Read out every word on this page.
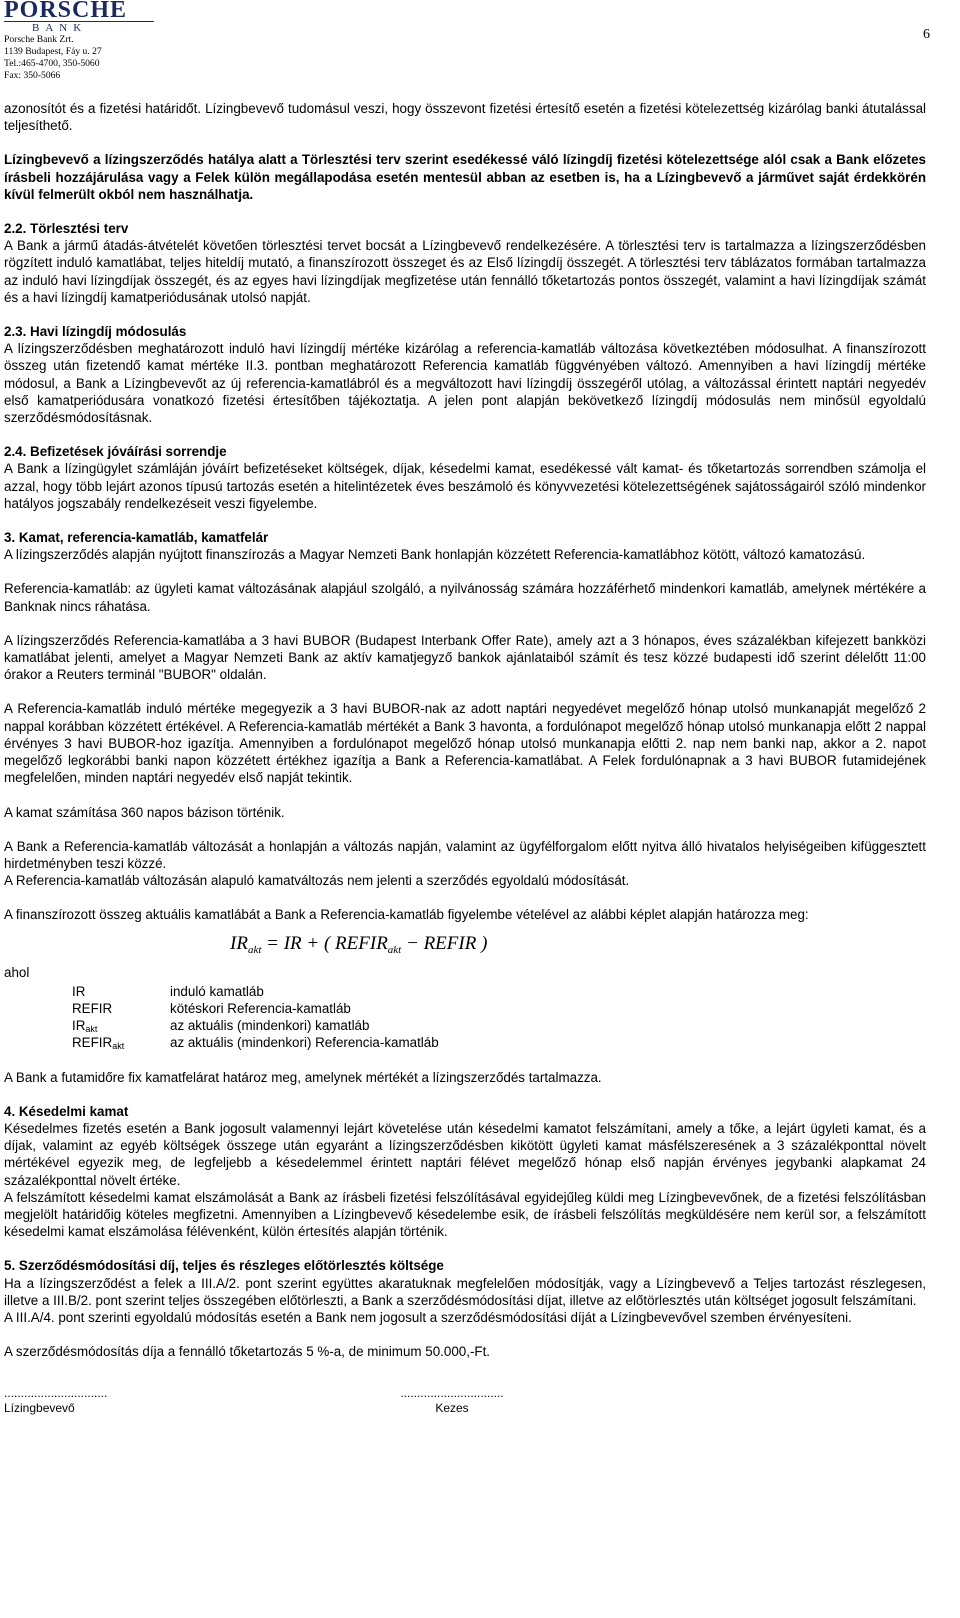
PORSCHE
BANK
Porsche Bank Zrt.
1139 Budapest, Fáy u. 27
Tel.:465-4700, 350-5060
Fax: 350-5066
6

azonosítót és a fizetési határidőt. Lízingbevevő tudomásul veszi, hogy összevont fizetési értesítő esetén a fizetési kötelezettség kizárólag banki átutalással teljesíthető.

Lízingbevevő a lízingszerződés hatálya alatt a Törlesztési terv szerint esedékessé váló lízingdíj fizetési kötelezettsége alól csak a Bank előzetes írásbeli hozzájárulása vagy a Felek külön megállapodása esetén mentesül abban az esetben is, ha a Lízingbevevő a járművet saját érdekkörén kívül felmerült okból nem használhatja.

2.2. Törlesztési terv

A Bank a jármű átadás-átvételét követően törlesztési tervet bocsát a Lízingbevevő rendelkezésére. A törlesztési terv is tartalmazza a lízingszerződésben rögzített induló kamatlábat, teljes hiteldíj mutató, a finanszírozott összeget és az Első lízingdíj összegét. A törlesztési terv táblázatos formában tartalmazza az induló havi lízingdíjak összegét, és az egyes havi lízingdíjak megfizetése után fennálló tőketartozás pontos összegét, valamint a havi lízingdíjak számát és a havi lízingdíj kamatperiódusának utolsó napját.

2.3. Havi lízingdíj módosulás

A lízingszerződésben meghatározott induló havi lízingdíj mértéke kizárólag a referencia-kamatláb változása következtében módosulhat. A finanszírozott összeg után fizetendő kamat mértéke II.3. pontban meghatározott Referencia kamatláb függvényében változó. Amennyiben a havi lízingdíj mértéke módosul, a Bank a Lízingbevevőt az új referencia-kamatlábról és a megváltozott havi lízingdíj összegéről utólag, a változással érintett naptári negyedév első kamatperiódusára vonatkozó fizetési értesítőben tájékoztatja. A jelen pont alapján bekövetkező lízingdíj módosulás nem minősül egyoldalú szerződésmódosításnak.

2.4. Befizetések jóváírási sorrendje

A Bank a lízingügylet számláján jóváírt befizetéseket költségek, díjak, késedelmi kamat, esedékessé vált kamat- és tőketartozás sorrendben számolja el azzal, hogy több lejárt azonos típusú tartozás esetén a hitelintézetek éves beszámoló és könyvvezetési kötelezettségének sajátosságairól szóló mindenkor hatályos jogszabály rendelkezéseit veszi figyelembe.

3. Kamat, referencia-kamatláb, kamatfelár

A lízingszerződés alapján nyújtott finanszírozás a Magyar Nemzeti Bank honlapján közzétett Referencia-kamatlábhoz kötött, változó kamatozású.

Referencia-kamatláb: az ügyleti kamat változásának alapjául szolgáló, a nyilvánosság számára hozzáférhető mindenkori kamatláb, amelynek mértékére a Banknak nincs ráhatása.

A lízingszerződés Referencia-kamatlába a 3 havi BUBOR (Budapest Interbank Offer Rate), amely azt a 3 hónapos, éves százalékban kifejezett bankközi kamatlábat jelenti, amelyet a Magyar Nemzeti Bank az aktív kamatjegyző bankok ajánlataiból számít és tesz közzé budapesti idő szerint délelőtt 11:00 órakor a Reuters terminál "BUBOR" oldalán.

A Referencia-kamatláb induló mértéke megegyezik a 3 havi BUBOR-nak az adott naptári negyedévet megelőző hónap utolsó munkanapját megelőző 2 nappal korábban közzétett értékével. A Referencia-kamatláb mértékét a Bank 3 havonta, a fordulónapot megelőző hónap utolsó munkanapja előtt 2 nappal érvényes 3 havi BUBOR-hoz igazítja. Amennyiben a fordulónapot megelőző hónap utolsó munkanapja előtti 2. nap nem banki nap, akkor a 2. napot megelőző legkorábbi banki napon közzétett értékhez igazítja a Bank a Referencia-kamatlábat. A Felek fordulónapnak a 3 havi BUBOR futamidejének megfelelően, minden naptári negyedév első napját tekintik.

A kamat számítása 360 napos bázison történik.

A Bank a Referencia-kamatláb változását a honlapján a változás napján, valamint az ügyfélforgalom előtt nyitva álló hivatalos helyiségeiben kifüggesztett hirdetményben teszi közzé.

A Referencia-kamatláb változásán alapuló kamatváltozás nem jelenti a szerződés egyoldalú módosítását.

A finanszírozott összeg aktuális kamatlábát a Bank a Referencia-kamatláb figyelembe vételével az alábbi képlet alapján határozza meg:

$IR_{akt}$ = IR + ( $REFIR_{akt}$ − REFIR )

ahol

IR	induló kamatláb
REFIR	kötéskori Referencia-kamatláb
$IR_{akt}$	az aktuális (mindenkori) kamatláb
$REFIR_{akt}$	az aktuális (mindenkori) Referencia-kamatláb

A Bank a futamidőre fix kamatfelárat határoz meg, amelynek mértékét a lízingszerződés tartalmazza.

4. Késedelmi kamat

Késedelmes fizetés esetén a Bank jogosult valamennyi lejárt követelése után késedelmi kamatot felszámítani, amely a tőke, a lejárt ügyleti kamat, és a díjak, valamint az egyéb költségek összege után egyaránt a lízingszerződésben kikötött ügyleti kamat másfélszeresének a 3 százalékponttal növelt mértékével egyezik meg, de legfeljebb a késedelemmel érintett naptári félévet megelőző hónap első napján érvényes jegybanki alapkamat 24 százalékponttal növelt értéke.

A felszámított késedelmi kamat elszámolását a Bank az írásbeli fizetési felszólításával egyidejűleg küldi meg Lízingbevevőnek, de a fizetési felszólításban megjelölt határidőig köteles megfizetni. Amennyiben a Lízingbevevő késedelembe esik, de írásbeli felszólítás megküldésére nem kerül sor, a felszámított késedelmi kamat elszámolása félévenként, külön értesítés alapján történik.

5. Szerződésmódosítási díj, teljes és részleges előtörlesztés költsége

Ha a lízingszerződést a felek a III.A/2. pont szerint együttes akaratuknak megfelelően módosítják, vagy a Lízingbevevő a Teljes tartozást részlegesen, illetve a III.B/2. pont szerint teljes összegében előtörleszti, a Bank a szerződésmódosítási díjat, illetve az előtörlesztés után költséget jogosult felszámítani.

A III.A/4. pont szerinti egyoldalú módosítás esetén a Bank nem jogosult a szerződésmódosítási díját a Lízingbevevővel szemben érvényesíteni.

A szerződésmódosítás díja a fennálló tőketartozás 5 %-a, de minimum 50.000,-Ft.

...............................
Lízingbevevő
...............................
Kezes
